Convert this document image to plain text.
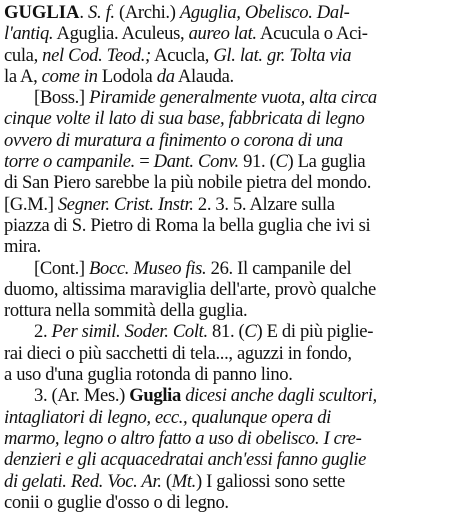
GUGLIA. S. f. (Archi.) Aguglia, Obelisco. Dal-
l'antiq. Aguglia. Aculeus, aureo lat. Acucula o Aci-
cula, nel Cod. Teod.; Acucla, Gl. lat. gr. Tolta via
la A, come in Lodola da Alauda.
[Boss.] Piramide generalmente vuota, alta circa
cinque volte il lato di sua base, fabbricata di legno
ovvero di muratura a finimento o corona di una
torre o campanile. = Dant. Conv. 91. (C) La guglia
di San Piero sarebbe la più nobile pietra del mondo.
[G.M.] Segner. Crist. Instr. 2. 3. 5. Alzare sulla
piazza di S. Pietro di Roma la bella guglia che ivi si
mira.
[Cont.] Bocc. Museo fis. 26. Il campanile del
duomo, altissima maraviglia dell'arte, provò qualche
rottura nella sommità della guglia.
2. Per simil. Soder. Colt. 81. (C) E di più piglie-
rai dieci o più sacchetti di tela..., aguzzi in fondo,
a uso d'una guglia rotonda di panno lino.
3. (Ar. Mes.) Guglia dicesi anche dagli scultori,
intagliatori di legno, ecc., qualunque opera di
marmo, legno o altro fatto a uso di obelisco. I cre-
denzieri e gli acquacedratai anch'essi fanno guglie
di gelati. Red. Voc. Ar. (Mt.) I galiossi sono sette
conii o guglie d'osso o di legno.
